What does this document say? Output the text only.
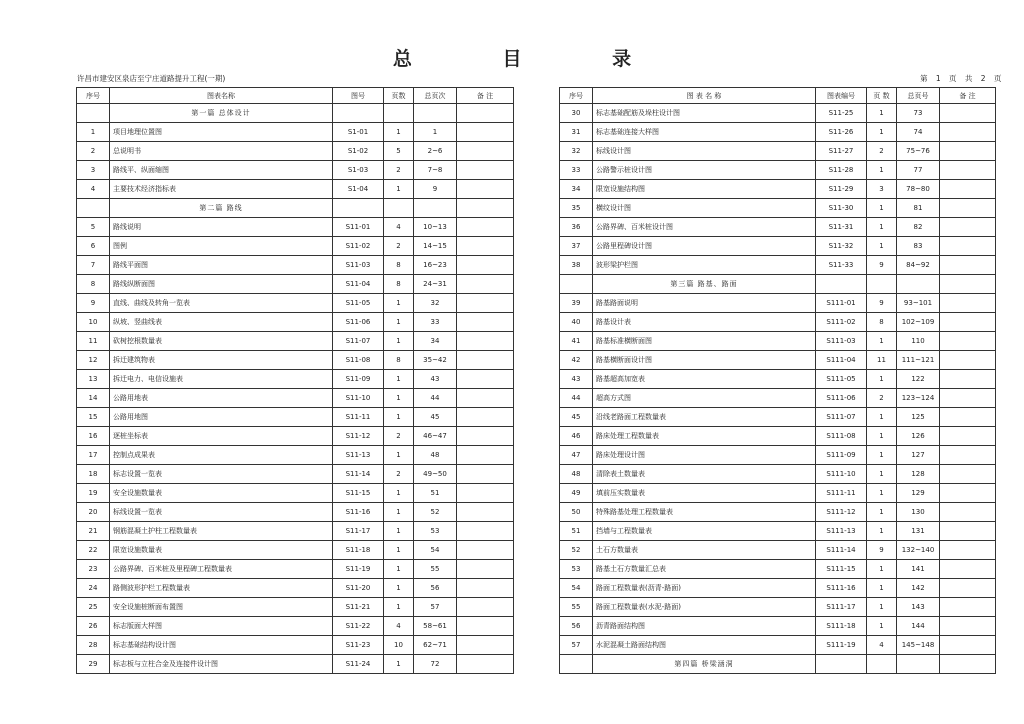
总 目 录
许昌市建安区泉店至宁庄道路提升工程(一期)	第 1 页 共 2 页
序号	图表名称	图号	页数	总页次	备 注
	第一篇 总体设计				
1	项目地理位置图	S1-01	1	1	
2	总说明书	S1-02	5	2~6	
3	路线平、纵面缩图	S1-03	2	7~8	
4	主要技术经济指标表	S1-04	1	9	
	第二篇 路线				
5	路线说明	S11-01	4	10~13	
6	图例	S11-02	2	14~15	
7	路线平面图	S11-03	8	16~23	
8	路线纵断面图	S11-04	8	24~31	
9	直线、曲线及转角一览表	S11-05	1	32	
10	纵坡、竖曲线表	S11-06	1	33	
11	砍树挖根数量表	S11-07	1	34	
12	拆迁建筑物表	S11-08	8	35~42	
13	拆迁电力、电信设施表	S11-09	1	43	
14	公路用地表	S11-10	1	44	
15	公路用地图	S11-11	1	45	
16	逐桩坐标表	S11-12	2	46~47	
17	控制点成果表	S11-13	1	48	
18	标志设置一览表	S11-14	2	49~50	
19	安全设施数量表	S11-15	1	51	
20	标线设置一览表	S11-16	1	52	
21	钢筋混凝土护柱工程数量表	S11-17	1	53	
22	限宽设施数量表	S11-18	1	54	
23	公路界碑、百米桩及里程碑工程数量表	S11-19	1	55	
24	路侧波形护栏工程数量表	S11-20	1	56	
25	安全设施桩断面布置图	S11-21	1	57	
26	标志版面大样图	S11-22	4	58~61	
28	标志基础结构设计图	S11-23	10	62~71	
29	标志板与立柱合金及连接件设计图	S11-24	1	72	
序号	图 表 名 称	图表编号	页 数	总页号	备 注
30	标志基础配筋及垛柱设计图	S11-25	1	73	
31	标志基础连接大样图	S11-26	1	74	
32	标线设计图	S11-27	2	75~76	
33	公路警示桩设计图	S11-28	1	77	
34	限宽设施结构图	S11-29	3	78~80	
35	横纹设计图	S11-30	1	81	
36	公路界碑、百米桩设计图	S11-31	1	82	
37	公路里程碑设计图	S11-32	1	83	
38	波形梁护栏图	S11-33	9	84~92	
	第三篇 路基、路面				
39	路基路面说明	S111-01	9	93~101	
40	路基设计表	S111-02	8	102~109	
41	路基标准横断面图	S111-03	1	110	
42	路基横断面设计图	S111-04	11	111~121	
43	路基超高加宽表	S111-05	1	122	
44	超高方式图	S111-06	2	123~124	
45	沿线老路面工程数量表	S111-07	1	125	
46	路床处理工程数量表	S111-08	1	126	
47	路床处理设计图	S111-09	1	127	
48	清除表土数量表	S111-10	1	128	
49	填前压实数量表	S111-11	1	129	
50	特殊路基处理工程数量表	S111-12	1	130	
51	挡墙与工程数量表	S111-13	1	131	
52	土石方数量表	S111-14	9	132~140	
53	路基土石方数量汇总表	S111-15	1	141	
54	路面工程数量表(沥青-路面)	S111-16	1	142	
55	路面工程数量表(水泥-路面)	S111-17	1	143	
56	沥青路面结构图	S111-18	1	144	
57	水泥混凝土路面结构图	S111-19	4	145~148	
	第四篇 桥梁涵洞				
